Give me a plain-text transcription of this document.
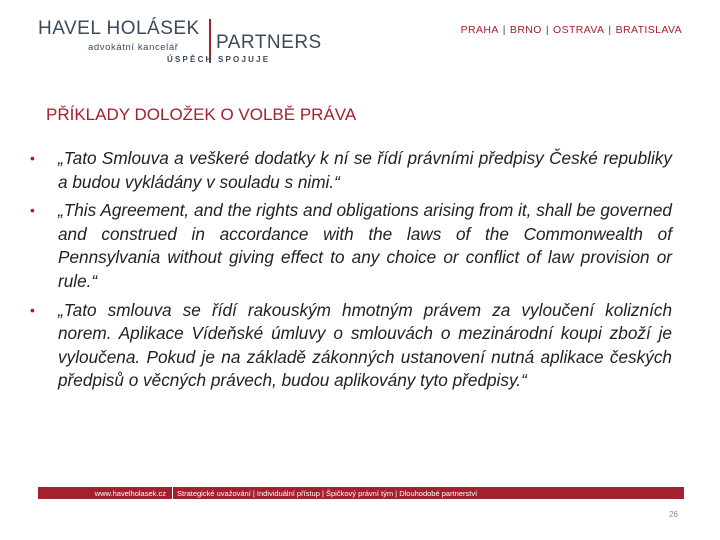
HAVEL HOLÁSEK
advokátní kancelář PARTNERS
ÚSPĚCH SPOJUJE
PRAHA | BRNO | OSTRAVA | BRATISLAVA
PŘÍKLADY DOLOŽEK O VOLBĚ PRÁVA
• „Tato Smlouva a veškeré dodatky k ní se řídí právními předpisy České republiky a budou vykládány v souladu s nimi.“
• „This Agreement, and the rights and obligations arising from it, shall be governed and construed in accordance with the laws of the Commonwealth of Pennsylvania without giving effect to any choice or conflict of law provision or rule.“
• „Tato smlouva se řídí rakouským hmotným právem za vyloučení kolizních norem. Aplikace Vídeňské úmluvy o smlouvách o mezinárodní koupi zboží je vyloučena. Pokud je na základě zákonných ustanovení nutná aplikace českých předpisů o věcných právech, budou aplikovány tyto předpisy.“
www.havelholasek.cz	Strategické uvažování | Individuální přístup | Špičkový právní tým | Dlouhodobé partnerství
26
